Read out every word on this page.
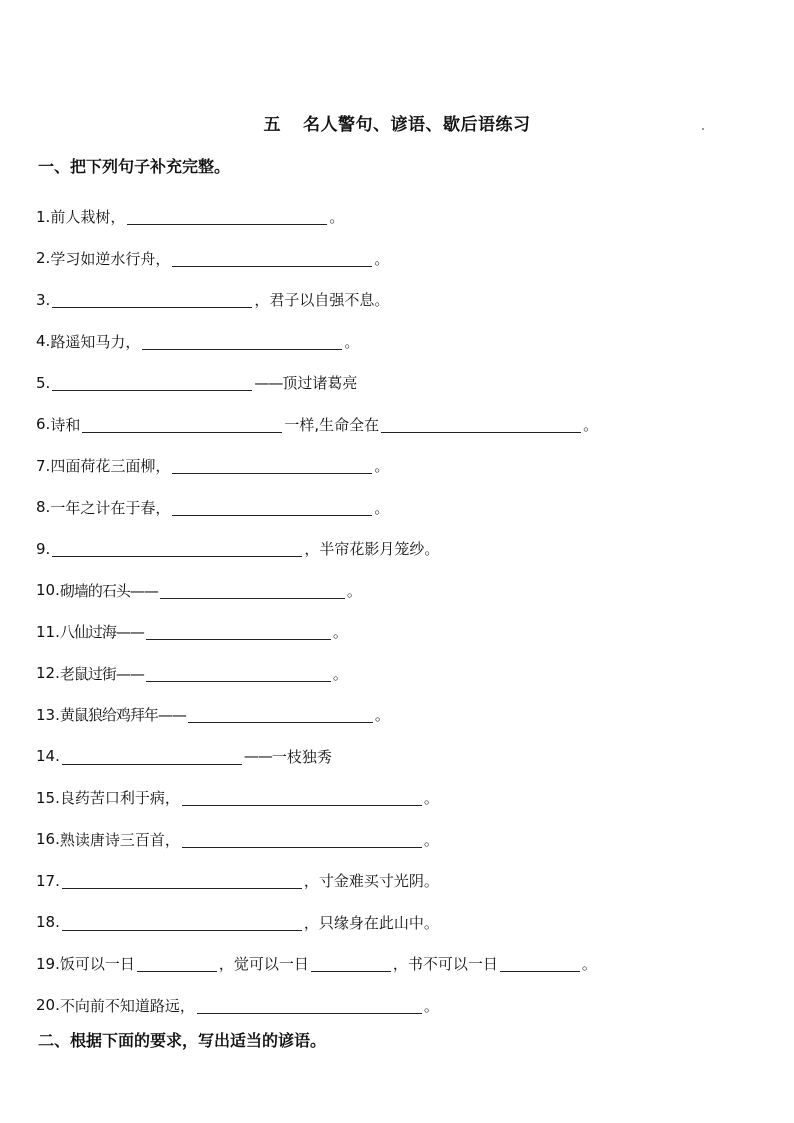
五 名人警句、谚语、歇后语练习
一、把下列句子补充完整。
1. 前人栽树，	。
2. 学习如逆水行舟，	。
3.	，君子以自强不息。
4. 路遥知马力，	。
5.	—— 顶过诸葛亮
6. 诗和	一样,生命全在	。
7. 四面荷花三面柳，	。
8. 一年之计在于春，	。
9.	，半帘花影月笼纱。
10. 砌墙的石头——	。
11. 八仙过海——	。
12. 老鼠过街——	。
13. 黄鼠狼给鸡拜年——	。
14.	—— 一枝独秀
15. 良药苦口利于病，	。
16. 熟读唐诗三百首，	。
17.	，寸金难买寸光阴。
18.	，只缘身在此山中。
19. 饭可以一日	，觉可以一日	，书不可以一日	。
20. 不向前不知道路远，	。
二、根据下面的要求，写出适当的谚语。
